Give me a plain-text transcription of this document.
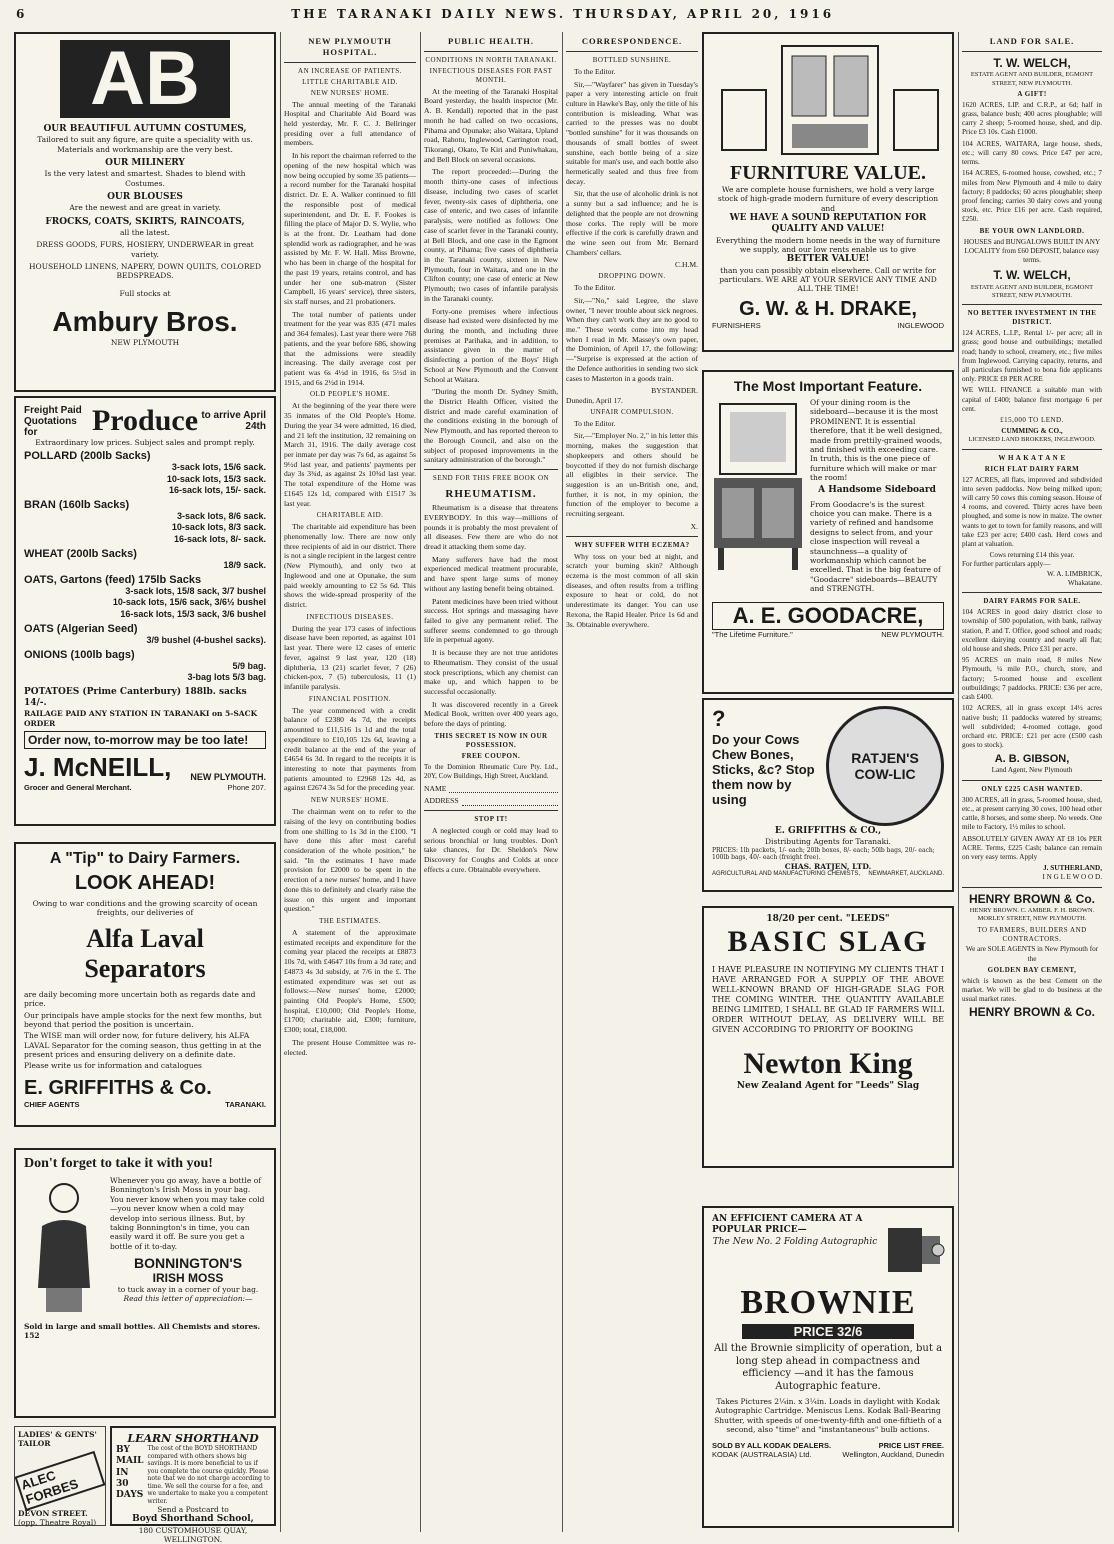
6	THE TARANAKI DAILY NEWS. THURSDAY, APRIL 20, 1916
AB
OUR BEAUTIFUL AUTUMN COSTUMES,
Tailored to suit any figure, are quite a speciality with us. Materials and workmanship are the very best.
OUR MILINERY
Is the very latest and smartest. Shades to blend with Costumes.
OUR BLOUSES
Are the newest and are great in variety.
FROCKS, COATS, SKIRTS, RAINCOATS,
all the latest.
DRESS GOODS, FURS, HOSIERY, UNDERWEAR in great variety.
HOUSEHOLD LINENS, NAPERY, DOWN QUILTS, COLORED BEDSPREADS.
Full stocks at
Ambury Bros.
NEW PLYMOUTH
Freight Paid Quotations for	Produce to arrive April 24th
Extraordinary low prices. Subject sales and prompt reply.
POLLARD (200lb Sacks)
3-sack lots, 15/6 sack.
10-sack lots, 15/3 sack.
16-sack lots, 15/- sack.
BRAN (160lb Sacks)
3-sack lots, 8/6 sack.
10-sack lots, 8/3 sack.
16-sack lots, 8/- sack.
WHEAT (200lb Sacks)
18/9 sack.
OATS, Gartons (feed) 175lb Sacks
3-sack lots, 15/8 sack, 3/7 bushel
10-sack lots, 15/6 sack, 3/6½ bushel
16-sack lots, 15/3 sack, 3/6 bushel
OATS (Algerian Seed)
3/9 bushel (4-bushel sacks).
ONIONS (100lb bags)
5/9 bag.
3-bag lots 5/3 bag.
POTATOES (Prime Canterbury) 188lb. sacks 14/-.
RAILAGE PAID ANY STATION IN TARANAKI on 5-SACK ORDER
Order now, to-morrow may be too late!
J. McNEILL,
Grocer and General Merchant.
NEW PLYMOUTH.
Phone 207.
A "Tip" to Dairy Farmers.
LOOK AHEAD!
Owing to war conditions and the growing scarcity of ocean freights, our deliveries of
Alfa Laval Separators
are daily becoming more uncertain both as regards date and price.
Our principals have ample stocks for the next few months, but beyond that period the position is uncertain.
The WISE man will order now, for future delivery, his ALFA LAVAL Separator for the coming season, thus getting in at the present prices and ensuring delivery on a definite date.
Please write us for information and catalogues
E. GRIFFITHS & Co.
CHIEF AGENTS	TARANAKI.
Don't forget to take it with you!
Whenever you go away, have a bottle of Bonnington's Irish Moss in your bag. You never know when you may take cold—you never know when a cold may develop into serious illness. But, by taking Bonnington's in time, you can easily ward it off. Be sure you get a bottle of it to-day.
BONNINGTON'S
IRISH MOSS
to tuck away in a corner of your bag.
Read this letter of appreciation:—
Sold in large and small bottles. All Chemists and stores. 152
LADIES' & GENTS' TAILOR
ALEC FORBES
DEVON STREET.
(opp. Theatre Royal)
LEARN SHORTHAND
BY MAIL IN 30 DAYS
The cost of the BOYD SHORTHAND compared with others shows big savings. It is more beneficial to us if you complete the course quickly. Please note that we do not charge according to time. We sell the course for a fee, and we undertake to make you a competent writer.
Send a Postcard to
Boyd Shorthand School,
180 CUSTOMHOUSE QUAY, WELLINGTON.
NEW PLYMOUTH HOSPITAL.
AN INCREASE OF PATIENTS.
LITTLE CHARITABLE AID.
NEW NURSES' HOME.

The annual meeting of the Taranaki Hospital and Charitable Aid Board was held yesterday, Mr. F. C. J. Bellringer presiding over a full attendance of members.

In his report the chairman referred to the opening of the new hospital which was now being occupied by some 35 patients—a record number for the Taranaki hospital district. Dr. E. A. Walker continued to fill the responsible post of medical superintendent, and Dr. E. F. Fookes is filling the place of Major D. S. Wylie, who is at the front. Dr. Leatham had done splendid work as radiographer, and he was assisted by Mr. F. W. Hall. Miss Browne, who has been in charge of the hospital for the past 19 years, retains control, and has under her one sub-matron (Sister Campbell, 16 years' service), three sisters, six staff nurses, and 21 probationers.

The total number of patients under treatment for the year was 835 (471 males and 364 females). Last year there were 768 patients, and the year before 686, showing that the admissions were steadily increasing. The daily average cost per patient was 6s 4½d in 1916, 6s 5½d in 1915, and 6s 2½d in 1914.

OLD PEOPLE'S HOME.

At the beginning of the year there were 35 inmates of the Old People's Home. During the year 34 were admitted, 16 died, and 21 left the institution, 32 remaining on March 31, 1916. The daily average cost per inmate per day was 7s 6d, as against 5s 9½d last year, and patients' payments per day 3s 3¾d, as against 2s 10¾d last year. The total expenditure of the Home was £1645 12s 1d, compared with £1517 3s last year.

CHARITABLE AID.

The charitable aid expenditure has been phenomenally low. There are now only three recipients of aid in our district. There is not a single recipient in the largest centre (New Plymouth), and only two at Inglewood and one at Opunake, the sum paid weekly amounting to £2 5s 6d. This shows the wide-spread prosperity of the district.

INFECTIOUS DISEASES.

During the year 173 cases of infectious disease have been reported, as against 101 last year. There were 12 cases of enteric fever, against 9 last year, 120 (18) diphtheria, 13 (21) scarlet fever, 7 (26) chicken-pox, 7 (5) tuberculosis, 11 (1) infantile paralysis.

FINANCIAL POSITION.

The year commenced with a credit balance of £2380 4s 7d, the receipts amounted to £11,516 1s 1d and the total expenditure to £10,105 12s 6d, leaving a credit balance at the end of the year of £4654 6s 3d. In regard to the receipts it is interesting to note that payments from patients amounted to £2968 12s 4d, as against £2674 3s 5d for the preceding year.

NEW NURSES' HOME.

The chairman went on to refer to the raising of the levy on contributing bodies from one shilling to 1s 3d in the £100. "I have done this after most careful consideration of the whole position," he said. "In the estimates I have made provision for £2000 to be spent in the erection of a new nurses' home, and I have done this to definitely and clearly raise the issue on this urgent and important question."

THE ESTIMATES.

A statement of the approximate estimated receipts and expenditure for the coming year placed the receipts at £8873 10s 7d, with £4647 10s from a 3d rate; and £4873 4s 3d subsidy, at 7/6 in the £. The estimated expenditure was set out as follows:—New nurses' home, £2000; painting Old People's Home, £500; hospital, £10,000; Old People's Home, £1700; charitable aid, £300; furniture, £300; total, £18,000.

The present House Committee was re-elected.

PUBLIC HEALTH.
CONDITIONS IN NORTH TARANAKI.
INFECTIOUS DISEASES FOR PAST MONTH.

At the meeting of the Taranaki Hospital Board yesterday, the health inspector (Mr. A. B. Kendall) reported that in the past month he had called on two occasions, Pihama and Opunake; also Waitara, Upland road, Rahotu, Inglewood, Carrington road, Tikorangi, Okato, Te Kiri and Puniwhakau, and Bell Block on several occasions.

The report proceeded:—During the month thirty-one cases of infectious disease, including two cases of scarlet fever, twenty-six cases of diphtheria, one case of enteric, and two cases of infantile paralysis, were notified as follows: One case of scarlet fever in the Taranaki county, at Bell Block, and one case in the Egmont county, at Pihama; five cases of diphtheria in the Taranaki county, sixteen in New Plymouth, four in Waitara, and one in the Clifton county; one case of enteric at New Plymouth; two cases of infantile paralysis in the Taranaki county.

Forty-one premises where infectious disease had existed were disinfected by me during the month, and including three premises at Parihaka, and in addition, to assistance given in the matter of disinfecting a portion of the Boys' High School at New Plymouth and the Convent School at Waitara.

"During the month Dr. Sydney Smith, the District Health Officer, visited the district and made careful examination of the conditions existing in the borough of New Plymouth, and has reported thereon to the Borough Council, and also on the subject of proposed improvements in the sanitary administration of the borough."

SEND FOR THIS FREE BOOK ON
RHEUMATISM.

Rheumatism is a disease that threatens EVERYBODY. In this way—millions of pounds it is probably the most prevalent of all diseases. Few there are who do not dread it attacking them some day.

Many sufferers have had the most experienced medical treatment procurable, and have spent large sums of money without any lasting benefit being obtained.

Patent medicines have been tried without success. Hot springs and massaging have failed to give any permanent relief. The sufferer seems condemned to go through life in perpetual agony.

It is because they are not true antidotes to Rheumatism. They consist of the usual stock prescriptions, which any chemist can make up, and which happen to be successful occasionally.

It was discovered recently in a Greek Medical Book, written over 400 years ago, before the days of printing.

THIS SECRET IS NOW IN OUR POSSESSION.
FREE COUPON.
To the Dominion Rheumatic Cure Pty. Ltd., 20Y, Cow Buildings, High Street, Auckland.
NAME
ADDRESS
STOP IT!

A neglected cough or cold may lead to serious bronchial or lung troubles. Don't take chances, for Dr. Sheldon's New Discovery for Coughs and Colds at once effects a cure. Obtainable everywhere.

CORRESPONDENCE.
BOTTLED SUNSHINE.

To the Editor.

Sir,—"Wayfarer" has given in Tuesday's paper a very interesting article on fruit culture in Hawke's Bay, only the title of his contribution is misleading. What was carried to the presses was no doubt "bottled sunshine" for it was thousands on thousands of small bottles of sweet sunshine, each bottle being of a size suitable for man's use, and each bottle also hermetically sealed and thus free from decay.

Sir, that the use of alcoholic drink is not a sunny but a sad influence; and he is delighted that the people are not drowning those corks. The reply will be more effective if the cork is carefully drawn and the wine seen out from Mr. Bernard Chambers' cellars.

C.H.M.
DROPPING DOWN.

To the Editor.

Sir,—"No," said Legree, the slave owner, "I never trouble about sick negroes. When they can't work they are no good to me." These words come into my head when I read in Mr. Massey's own paper, the Dominion, of April 17, the following:—"Surprise is expressed at the action of the Defence authorities in sending two sick cases to Masterton in a goods train.

BYSTANDER.
Dunedin, April 17.
UNFAIR COMPULSION.

To the Editor.

Sir,—"Employer No. 2," in his letter this morning, makes the suggestion that shopkeepers and others should be boycotted if they do not furnish discharge all eligibles in their service. The suggestion is an un-British one, and, further, it is not, in my opinion, the function of the employer to become a recruiting sergeant.

X.
WHY SUFFER WITH ECZEMA?

Why toss on your bed at night, and scratch your burning skin? Although eczema is the most common of all skin diseases, and often results from a trifling exposure to heat or cold, do not underestimate its danger. You can use Rexona, the Rapid Healer. Price 1s 6d and 3s. Obtainable everywhere.

FURNITURE VALUE.
We are complete house furnishers, we hold a very large stock of high-grade modern furniture of every description and
WE HAVE A SOUND REPUTATION FOR QUALITY AND VALUE!
Everything the modern home needs in the way of furniture we supply, and our low rents enable us to give
BETTER VALUE!
than you can possibly obtain elsewhere. Call or write for particulars. WE ARE AT YOUR SERVICE ANY TIME AND ALL THE TIME!
G. W. & H. DRAKE,
FURNISHERS	INGLEWOOD
The Most Important Feature.
Of your dining room is the sideboard—because it is the most PROMINENT. It is essential therefore, that it be well designed, made from prettily-grained woods, and finished with exceeding care. In truth, this is the one piece of furniture which will make or mar the room!
A Handsome Sideboard
From Goodacre's is the surest choice you can make. There is a variety of refined and handsome designs to select from, and your close inspection will reveal a staunchness—a quality of workmanship which cannot be excelled. That is the big feature of "Goodacre" sideboards—BEAUTY and STRENGTH.
A. E. GOODACRE,
"The Lifetime Furniture."	NEW PLYMOUTH.
?
Do your Cows Chew Bones, Sticks, &c? Stop them now by using
RATJEN'S COW-LIC
E. GRIFFITHS & CO.,
Distributing Agents for Taranaki.
PRICES: 1lb packets, 1/- each; 20lb boxes, 8/- each; 50lb bags, 20/- each; 100lb bags, 40/- each (freight free).
CHAS. RATJEN, LTD.
AGRICULTURAL AND MANUFACTURING CHEMISTS, NEWMARKET, AUCKLAND.
18/20 per cent. "LEEDS"
BASIC SLAG
I HAVE PLEASURE IN NOTIFYING MY CLIENTS THAT I HAVE ARRANGED FOR A SUPPLY OF THE ABOVE WELL-KNOWN BRAND OF HIGH-GRADE SLAG FOR THE COMING WINTER. THE QUANTITY AVAILABLE BEING LIMITED, I SHALL BE GLAD IF FARMERS WILL ORDER WITHOUT DELAY, AS DELIVERY WILL BE GIVEN ACCORDING TO PRIORITY OF BOOKING
Newton King
New Zealand Agent for "Leeds" Slag
AN EFFICIENT CAMERA AT A POPULAR PRICE—
The New No. 2 Folding Autographic
BROWNIE
PRICE 32/6
All the Brownie simplicity of operation, but a long step ahead in compactness and efficiency —and it has the famous Autographic feature.
Takes Pictures 2¼in. x 3¼in. Loads in daylight with Kodak Autographic Cartridge. Meniscus Lens. Kodak Ball-Bearing Shutter, with speeds of one-twenty-fifth and one-fiftieth of a second, also "time" and "instantaneous" bulb actions.
SOLD BY ALL KODAK DEALERS.	PRICE LIST FREE.
KODAK (AUSTRALASIA) Ltd.	Wellington, Auckland, Dunedin
LAND FOR SALE.
T. W. WELCH,
ESTATE AGENT AND BUILDER, EGMONT STREET, NEW PLYMOUTH.
A GIFT!
1620 ACRES, LIP. and C.R.P., at 6d; half in grass, balance bush; 400 acres ploughable; will carry 2 sheep; 5-roomed house, shed, and dip. Price £3 10s. Cash £1000.
104 ACRES, WAITARA, large house, sheds, etc.; will carry 80 cows. Price £47 per acre, terms.
164 ACRES, 6-roomed house, cowshed, etc.; 7 miles from New Plymouth and 4 mile to dairy factory; 8 paddocks; 60 acres ploughable; sheep proof fencing; carries 30 dairy cows and young stock, etc. Price £16 per acre. Cash required, £250.
BE YOUR OWN LANDLORD.
HOUSES and BUNGALOWS BUILT IN ANY LOCALITY from £60 DEPOSIT, balance easy terms.
T. W. WELCH,
ESTATE AGENT AND BUILDER, EGMONT STREET, NEW PLYMOUTH.
NO BETTER INVESTMENT IN THE DISTRICT.
124 ACRES, L.I.P., Rental 1/- per acre; all in grass; good house and outbuildings; metalled road; handy to school, creamery, etc.; five miles from Inglewood. Carrying capacity, returns, and all particulars furnished to bona fide applicants only. PRICE £8 PER ACRE
WE WILL FINANCE a suitable man with capital of £400; balance first mortgage 6 per cent.
£15,000 TO LEND.
CUMMING & CO.,
LICENSED LAND BROKERS, INGLEWOOD.
W H A K A T A N E
RICH FLAT DAIRY FARM
127 ACRES, all flats, improved and subdivided into seven paddocks. Now being milked upon; will carry 50 cows this coming season. House of 4 rooms, and covered. Thirty acres have been ploughed, and some is now in maize. The owner wants to get to town for family reasons, and will take £23 per acre; £400 cash. Herd cows and plant at valuation.
Cows returning £14 this year.
For further particulars apply—
W. A. LIMBRICK,
Whakatane.
DAIRY FARMS FOR SALE.
104 ACRES in good dairy district close to township of 500 population, with bank, railway station, P. and T. Office, good school and roads; excellent dairying country and nearly all flat; old house and sheds. Price £31 per acre.
95 ACRES on main road, 8 miles New Plymouth, ¼ mile P.O., church, store, and factory; 5-roomed house and excellent outbuildings; 7 paddocks. PRICE: £36 per acre, cash £400.
102 ACRES, all in grass except 14½ acres native bush; 11 paddocks watered by streams; well subdivided; 4-roomed cottage, good orchard etc. PRICE: £21 per acre (£500 cash goes to stock).
A. B. GIBSON,
Land Agent, New Plymouth
ONLY £225 CASH WANTED.
300 ACRES, all in grass, 5-roomed house, shed, etc., at present carrying 30 cows, 100 head other cattle, 8 horses, and some sheep. No weeds. One mile to Factory, 1½ miles to school.
ABSOLUTELY GIVEN AWAY AT £8 10s PER ACRE. Terms, £225 Cash; balance can remain on very easy terms. Apply
J. SUTHERLAND,
I N G L E W O O D.
HENRY BROWN & Co.
HENRY BROWN. C. AMBER. F. H. BROWN.
MORLEY STREET, NEW PLYMOUTH.
TO FARMERS, BUILDERS AND CONTRACTORS.
We are SOLE AGENTS in New Plymouth for the
GOLDEN BAY CEMENT,
which is known as the best Cement on the market. We will be glad to do business at the usual market rates.
HENRY BROWN & Co.
